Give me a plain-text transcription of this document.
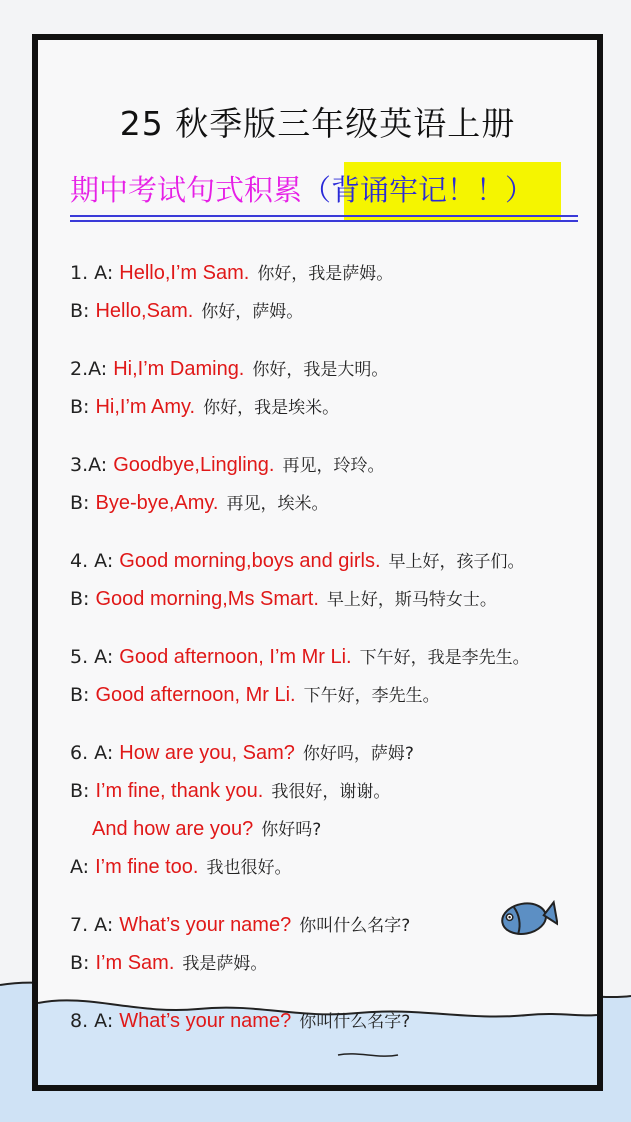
25 秋季版三年级英语上册
期中考试句式积累（背诵牢记！！）
1. A: Hello,I’m Sam. 你好，我是萨姆。
B: Hello,Sam. 你好，萨姆。
2.A: Hi,I’m Daming. 你好，我是大明。
B: Hi,I’m Amy. 你好，我是埃米。
3.A: Goodbye,Lingling. 再见，玲玲。
B: Bye-bye,Amy. 再见，埃米。
4. A: Good morning,boys and girls. 早上好，孩子们。
B: Good morning,Ms Smart. 早上好，斯马特女士。
5. A: Good afternoon, I’m Mr Li. 下午好，我是李先生。
B: Good afternoon, Mr Li. 下午好，李先生。
6. A: How are you, Sam? 你好吗，萨姆?
B: I’m fine, thank you. 我很好，谢谢。
And how are you? 你好吗?
A: I’m fine too. 我也很好。
7. A: What’s your name? 你叫什么名字?
B: I’m Sam. 我是萨姆。
8. A: What’s your name? 你叫什么名字?
